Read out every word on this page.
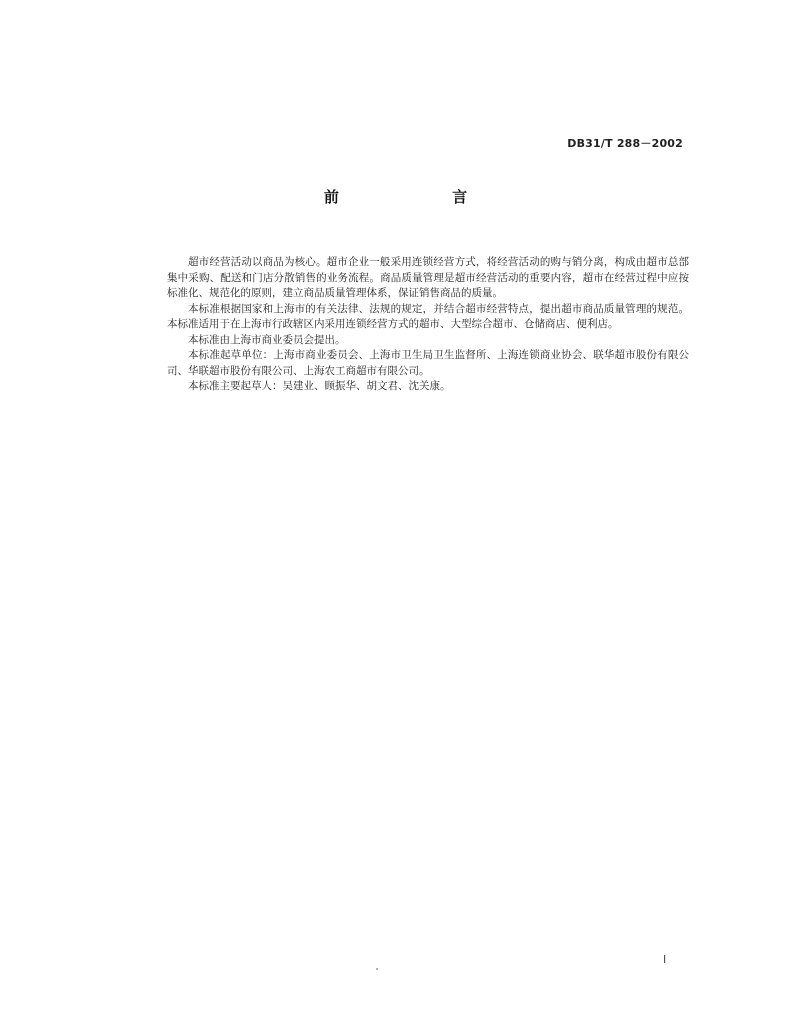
DB31/T 288－2002
前 言

超市经营活动以商品为核心。超市企业一般采用连锁经营方式，将经营活动的购与销分离，构成由超市总部集中采购、配送和门店分散销售的业务流程。商品质量管理是超市经营活动的重要内容，超市在经营过程中应按标准化、规范化的原则，建立商品质量管理体系，保证销售商品的质量。

本标准根据国家和上海市的有关法律、法规的规定，并结合超市经营特点，提出超市商品质量管理的规范。本标准适用于在上海市行政辖区内采用连锁经营方式的超市、大型综合超市、仓储商店、便利店。

本标准由上海市商业委员会提出。

本标准起草单位：上海市商业委员会、上海市卫生局卫生监督所、上海连锁商业协会、联华超市股份有限公司、华联超市股份有限公司、上海农工商超市有限公司。

本标准主要起草人：吴建业、顾振华、胡文君、沈关康。

I
